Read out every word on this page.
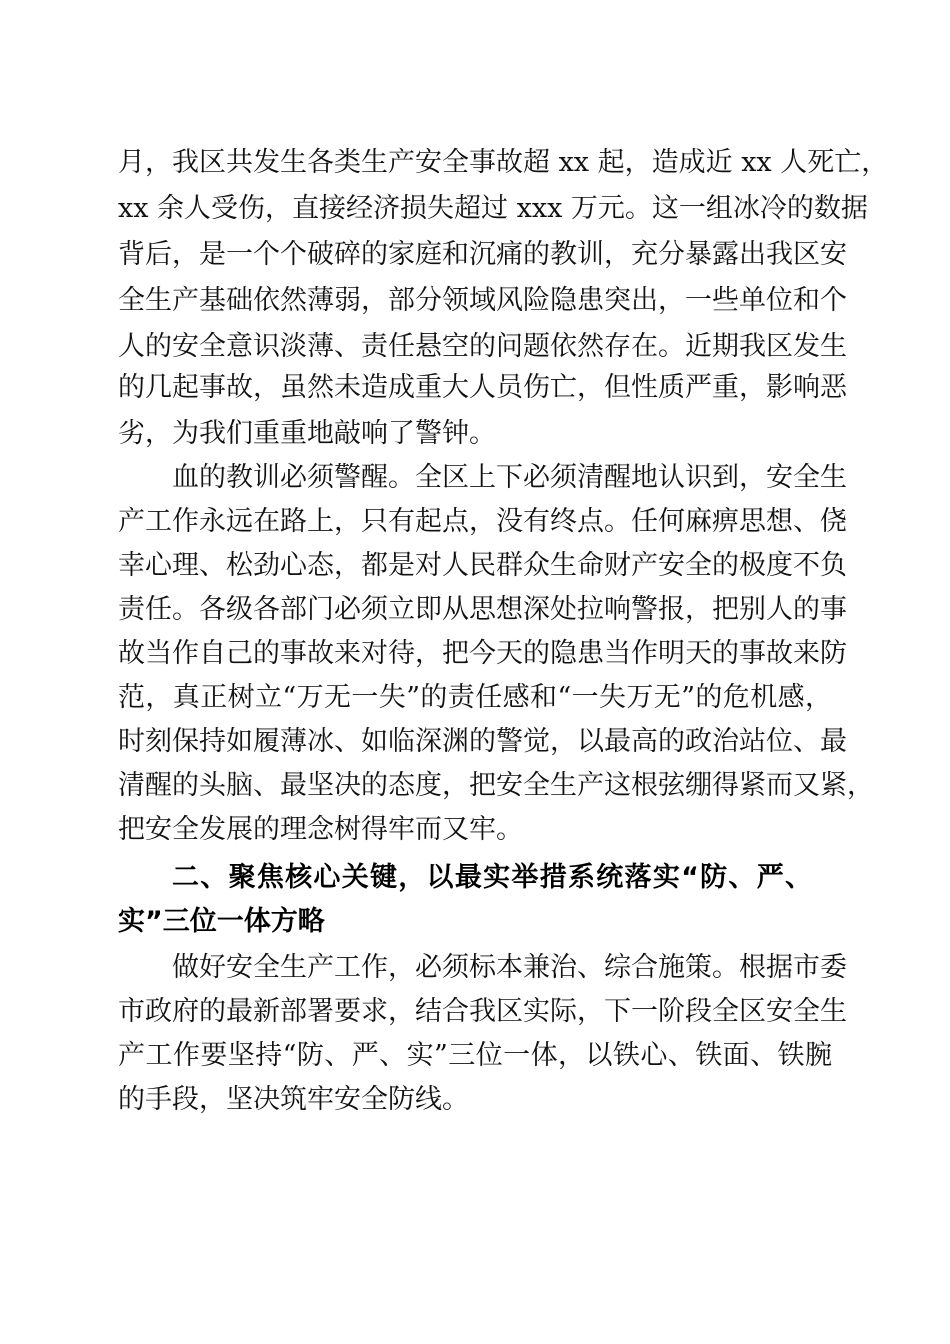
月，我区共发生各类生产安全事故超 xx 起，造成近 xx 人死亡，

xx 余人受伤，直接经济损失超过 xxx 万元。这一组冰冷的数据

背后，是一个个破碎的家庭和沉痛的教训，充分暴露出我区安

全生产基础依然薄弱，部分领域风险隐患突出，一些单位和个

人的安全意识淡薄、责任悬空的问题依然存在。近期我区发生

的几起事故，虽然未造成重大人员伤亡，但性质严重，影响恶

劣，为我们重重地敲响了警钟。

血的教训必须警醒。全区上下必须清醒地认识到，安全生

产工作永远在路上，只有起点，没有终点。任何麻痹思想、侥

幸心理、松劲心态，都是对人民群众生命财产安全的极度不负

责任。各级各部门必须立即从思想深处拉响警报，把别人的事

故当作自己的事故来对待，把今天的隐患当作明天的事故来防

范，真正树立“万无一失”的责任感和“一失万无”的危机感，

时刻保持如履薄冰、如临深渊的警觉，以最高的政治站位、最

清醒的头脑、最坚决的态度，把安全生产这根弦绷得紧而又紧，

把安全发展的理念树得牢而又牢。

二、聚焦核心关键，以最实举措系统落实“防、严、

实”三位一体方略

做好安全生产工作，必须标本兼治、综合施策。根据市委

市政府的最新部署要求，结合我区实际，下一阶段全区安全生

产工作要坚持“防、严、实”三位一体，以铁心、铁面、铁腕

的手段，坚决筑牢安全防线。
